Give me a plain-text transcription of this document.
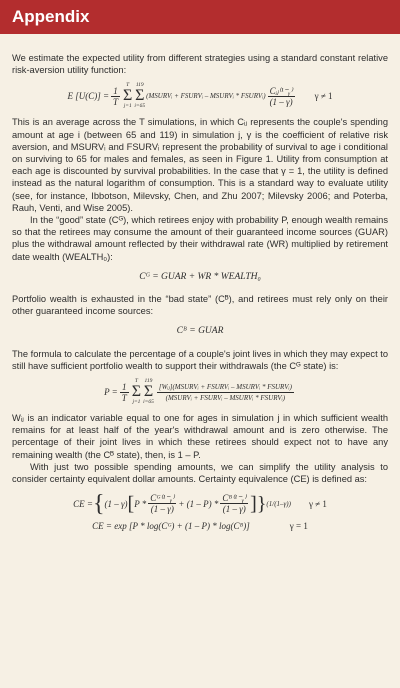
Appendix

We estimate the expected utility from different strategies using a standard constant relative risk-aversion utility function:

E $[U(C)] = \frac{1}{T}$
T
Σ
j=1
119
Σ
i=65
(MSURVᵢ + FSURVᵢ – MSURVᵢ * FSURVᵢ) $\frac{\text{Cᵢⱼ⁽¹⁻ᵧ⁾}}{(1 - \gamma)}$ γ ≠ 1

This is an average across the T simulations, in which Cᵢⱼ represents the couple's spending amount at age i (between 65 and 119) in simulation j, γ is the coefficient of relative risk aversion, and MSURVᵢ and FSURVᵢ represent the probability of survival to age i conditional on surviving to 65 for males and females, as seen in Figure 1. Utility from consumption at each age is discounted by survival probabilities. In the case that γ = 1, the utility is defined instead as the natural logarithm of consumption. This is a standard way to evaluate utility (see, for instance, Ibbotson, Milevsky, Chen, and Zhu 2007; Milevsky 2006; and Poterba, Rauh, Venti, and Wise 2005).

In the “good” state (Cᴳ), which retirees enjoy with probability P, enough wealth remains so that the retirees may consume the amount of their guaranteed income sources (GUAR) plus the withdrawal amount reflected by their withdrawal rate (WR) multiplied by retirement date wealth (WEALTH₀):

Cᴳ = GUAR + WR * WEALTH₀

Portfolio wealth is exhausted in the “bad state” (Cᴮ), and retirees must rely only on their other guaranteed income sources:

Cᴮ = GUAR

The formula to calculate the percentage of a couple's joint lives in which they may expect to still have sufficient portfolio wealth to support their withdrawals (the Cᴳ state) is:

$P = \frac{1}{T}$
T
Σ
j=1
119
Σ
$i=65 \frac{\text{[Wᵢⱼ](MSURVᵢ + FSURVᵢ – MSURVᵢ * FSURVᵢ)}}{\text{(MSURVᵢ + FSURVᵢ – MSURVᵢ * FSURVᵢ)}}$

Wᵢⱼ is an indicator variable equal to one for ages in simulation j in which sufficient wealth remains for at least half of the year's withdrawal amount and is zero otherwise. The percentage of their joint lives in which these retirees should expect not to have any remaining wealth (the Cᴮ state), then, is 1 – P.

With just two possible spending amounts, we can simplify the utility analysis to consider certainty equivalent dollar amounts. Certainty equivalence (CE) is defined as:

CE = { (1 – γ) [ $P * \frac{\text{Cᴳ⁽¹⁻ᵧ⁾}}{(1 - \gamma)} + (1 - P) * \frac{\text{Cᴮ⁽¹⁻ᵧ⁾}}{(1 - \gamma)}$ ]} (1/(1–γ)) γ ≠ 1
CE = exp [P * log(Cᴳ) + (1 – P) * log(Cᴮ)]	γ = 1
